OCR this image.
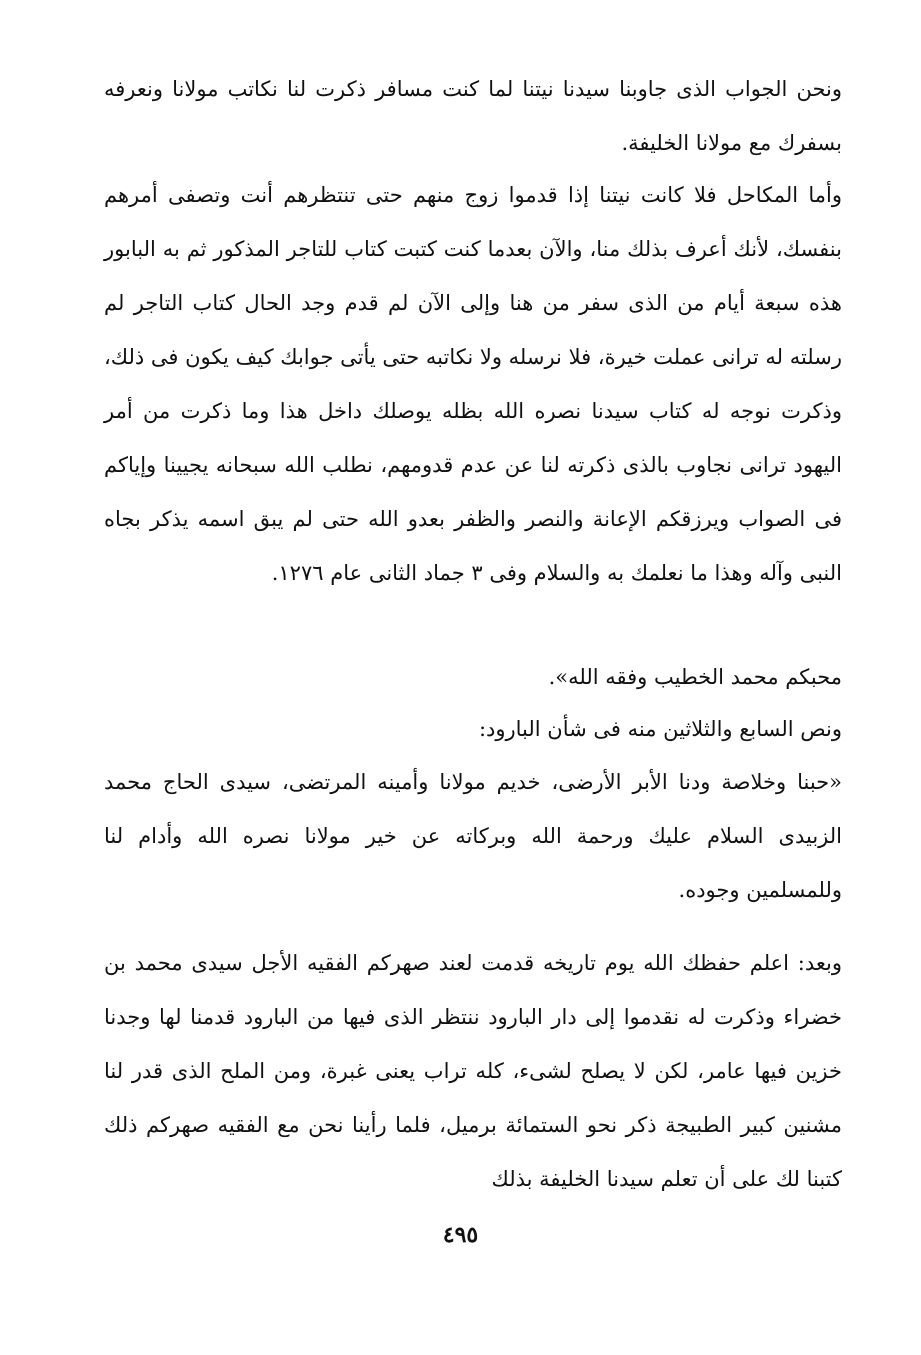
ونحن الجواب الذى جاوبنا سيدنا نيتنا لما كنت مسافر ذكرت لنا نكاتب مولانا ونعرفه بسفرك مع مولانا الخليفة.

وأما المكاحل فلا كانت نيتنا إذا قدموا زوج منهم حتى تنتظرهم أنت وتصفى أمرهم بنفسك، لأنك أعرف بذلك منا، والآن بعدما كنت كتبت كتاب للتاجر المذكور ثم به البابور هذه سبعة أيام من الذى سفر من هنا وإلى الآن لم قدم وجد الحال كتاب التاجر لم رسلته له ترانى عملت خيرة، فلا نرسله ولا نكاتبه حتى يأتى جوابك كيف يكون فى ذلك، وذكرت نوجه له كتاب سيدنا نصره الله بظله يوصلك داخل هذا وما ذكرت من أمر اليهود ترانى نجاوب بالذى ذكرته لنا عن عدم قدومهم، نطلب الله سبحانه يجيينا وإياكم فى الصواب ويرزقكم الإعانة والنصر والظفر بعدو الله حتى لم يبق اسمه يذكر بجاه النبى وآله وهذا ما نعلمك به والسلام وفى ٣ جماد الثانى عام ١٢٧٦.

محبكم محمد الخطيب وفقه الله».

ونص السابع والثلاثين منه فى شأن البارود:

«حبنا وخلاصة ودنا الأبر الأرضى، خديم مولانا وأمينه المرتضى، سيدى الحاج محمد الزبيدى السلام عليك ورحمة الله وبركاته عن خير مولانا نصره الله وأدام لنا وللمسلمين وجوده.

وبعد: اعلم حفظك الله يوم تاريخه قدمت لعند صهركم الفقيه الأجل سيدى محمد بن خضراء وذكرت له نقدموا إلى دار البارود ننتظر الذى فيها من البارود قدمنا لها وجدنا خزين فيها عامر، لكن لا يصلح لشىء، كله تراب يعنى غبرة، ومن الملح الذى قدر لنا مشنين كبير الطبيجة ذكر نحو الستمائة برميل، فلما رأينا نحن مع الفقيه صهركم ذلك كتبنا لك على أن تعلم سيدنا الخليفة بذلك

٤٩٥
